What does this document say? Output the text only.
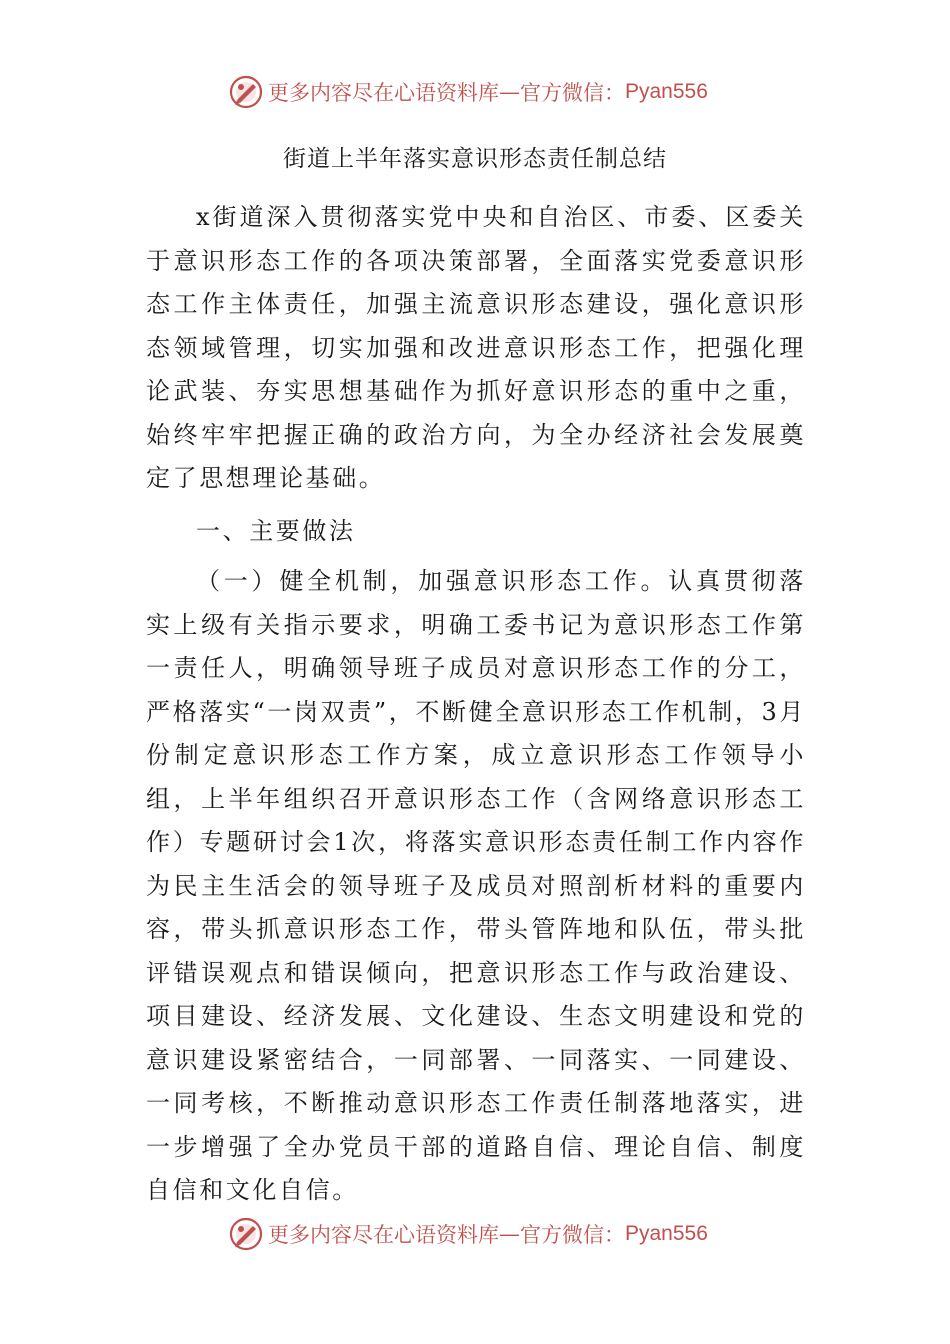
更多内容尽在心语资料库 — 官方微信： Pyan556
街道上半年落实意识形态责任制总结
x街道深入贯彻落实党中央和自治区、市委、区委关于意识形态工作的各项决策部署，全面落实党委意识形态工作主体责任，加强主流意识形态建设，强化意识形态领域管理，切实加强和改进意识形态工作，把强化理论武装、夯实思想基础作为抓好意识形态的重中之重，始终牢牢把握正确的政治方向，为全办经济社会发展奠定了思想理论基础。
一、主要做法
（一）健全机制，加强意识形态工作。认真贯彻落实上级有关指示要求，明确工委书记为意识形态工作第一责任人，明确领导班子成员对意识形态工作的分工，严格落实“一岗双责”，不断健全意识形态工作机制，3月份制定意识形态工作方案，成立意识形态工作领导小组，上半年组织召开意识形态工作（含网络意识形态工作）专题研讨会1次，将落实意识形态责任制工作内容作为民主生活会的领导班子及成员对照剖析材料的重要内容，带头抓意识形态工作，带头管阵地和队伍，带头批评错误观点和错误倾向，把意识形态工作与政治建设、项目建设、经济发展、文化建设、生态文明建设和党的意识建设紧密结合，一同部署、一同落实、一同建设、一同考核，不断推动意识形态工作责任制落地落实，进一步增强了全办党员干部的道路自信、理论自信、制度自信和文化自信。
更多内容尽在心语资料库 — 官方微信： Pyan556
